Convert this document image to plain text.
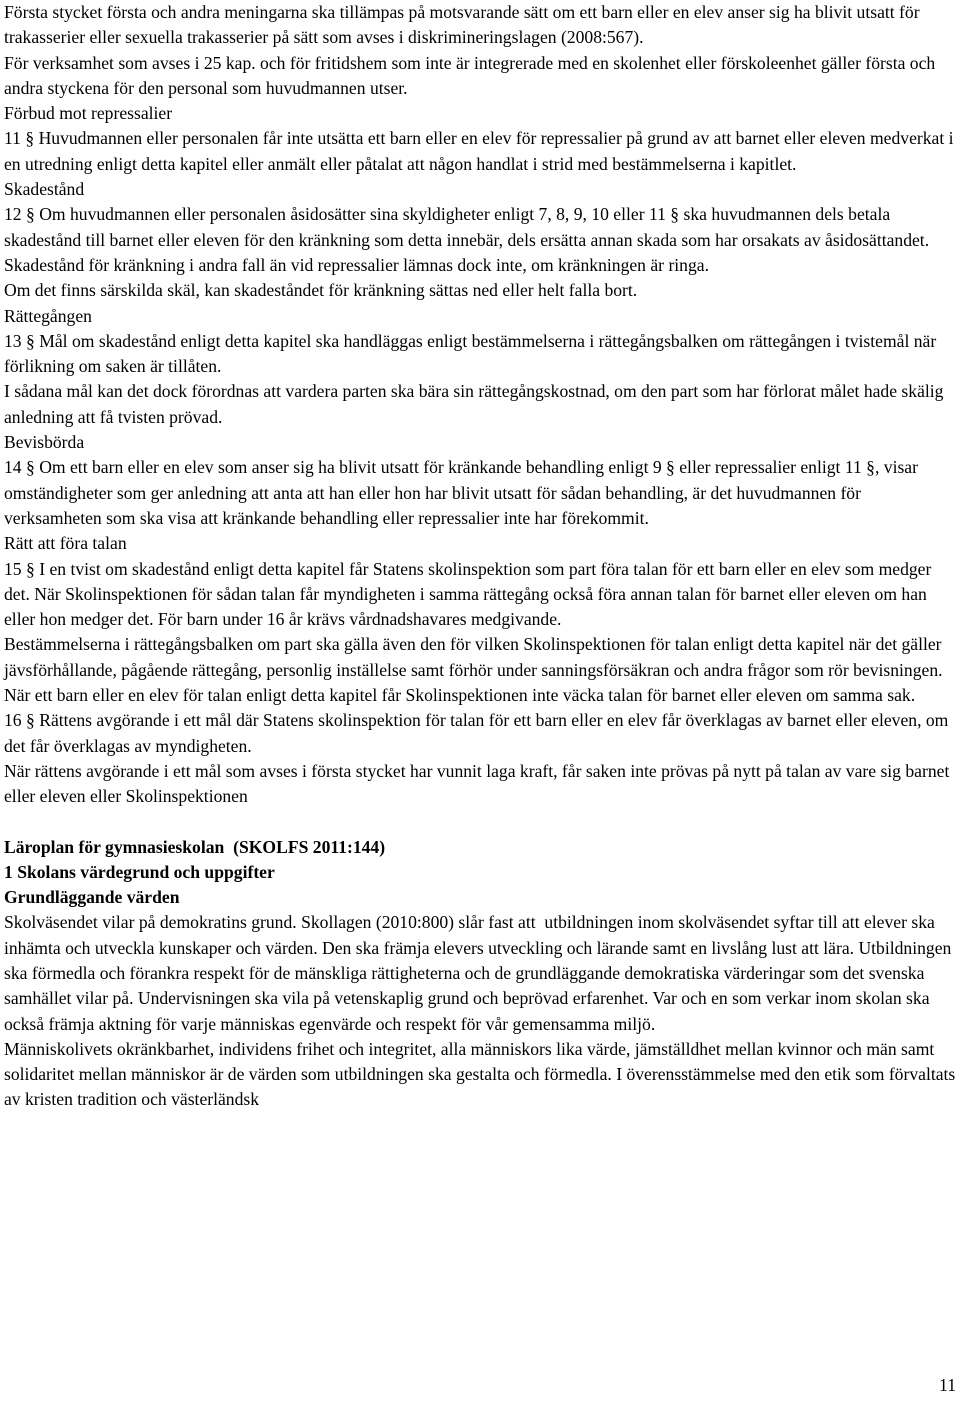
Första stycket första och andra meningarna ska tillämpas på motsvarande sätt om ett barn eller en elev anser sig ha blivit utsatt för trakasserier eller sexuella trakasserier på sätt som avses i diskrimineringslagen (2008:567).

För verksamhet som avses i 25 kap. och för fritidshem som inte är integrerade med en skolenhet eller förskoleenhet gäller första och andra styckena för den personal som huvudmannen utser.

Förbud mot repressalier

11 § Huvudmannen eller personalen får inte utsätta ett barn eller en elev för repressalier på grund av att barnet eller eleven medverkat i en utredning enligt detta kapitel eller anmält eller påtalat att någon handlat i strid med bestämmelserna i kapitlet.

Skadestånd

12 § Om huvudmannen eller personalen åsidosätter sina skyldigheter enligt 7, 8, 9, 10 eller 11 § ska huvudmannen dels betala skadestånd till barnet eller eleven för den kränkning som detta innebär, dels ersätta annan skada som har orsakats av åsidosättandet. Skadestånd för kränkning i andra fall än vid repressalier lämnas dock inte, om kränkningen är ringa.

Om det finns särskilda skäl, kan skadeståndet för kränkning sättas ned eller helt falla bort.

Rättegången

13 § Mål om skadestånd enligt detta kapitel ska handläggas enligt bestämmelserna i rättegångsbalken om rättegången i tvistemål när förlikning om saken är tillåten.

I sådana mål kan det dock förordnas att vardera parten ska bära sin rättegångskostnad, om den part som har förlorat målet hade skälig anledning att få tvisten prövad.

Bevisbörda

14 § Om ett barn eller en elev som anser sig ha blivit utsatt för kränkande behandling enligt 9 § eller repressalier enligt 11 §, visar omständigheter som ger anledning att anta att han eller hon har blivit utsatt för sådan behandling, är det huvudmannen för verksamheten som ska visa att kränkande behandling eller repressalier inte har förekommit.

Rätt att föra talan

15 § I en tvist om skadestånd enligt detta kapitel får Statens skolinspektion som part föra talan för ett barn eller en elev som medger det. När Skolinspektionen för sådan talan får myndigheten i samma rättegång också föra annan talan för barnet eller eleven om han eller hon medger det. För barn under 16 år krävs vårdnadshavares medgivande.

Bestämmelserna i rättegångsbalken om part ska gälla även den för vilken Skolinspektionen för talan enligt detta kapitel när det gäller jävsförhållande, pågående rättegång, personlig inställelse samt förhör under sanningsförsäkran och andra frågor som rör bevisningen.

När ett barn eller en elev för talan enligt detta kapitel får Skolinspektionen inte väcka talan för barnet eller eleven om samma sak.

16 § Rättens avgörande i ett mål där Statens skolinspektion för talan för ett barn eller en elev får överklagas av barnet eller eleven, om det får överklagas av myndigheten.

När rättens avgörande i ett mål som avses i första stycket har vunnit laga kraft, får saken inte prövas på nytt på talan av vare sig barnet eller eleven eller Skolinspektionen

Läroplan för gymnasieskolan  (SKOLFS 2011:144)

1 Skolans värdegrund och uppgifter

Grundläggande värden

Skolväsendet vilar på demokratins grund. Skollagen (2010:800) slår fast att  utbildningen inom skolväsendet syftar till att elever ska inhämta och utveckla kunskaper och värden. Den ska främja elevers utveckling och lärande samt en livslång lust att lära. Utbildningen ska förmedla och förankra respekt för de mänskliga rättigheterna och de grundläggande demokratiska värderingar som det svenska samhället vilar på. Undervisningen ska vila på vetenskaplig grund och beprövad erfarenhet. Var och en som verkar inom skolan ska också främja aktning för varje människas egenvärde och respekt för vår gemensamma miljö.

Människolivets okränkbarhet, individens frihet och integritet, alla människors lika värde, jämställdhet mellan kvinnor och män samt solidaritet mellan människor är de värden som utbildningen ska gestalta och förmedla. I överensstämmelse med den etik som förvaltats av kristen tradition och västerländsk

11
